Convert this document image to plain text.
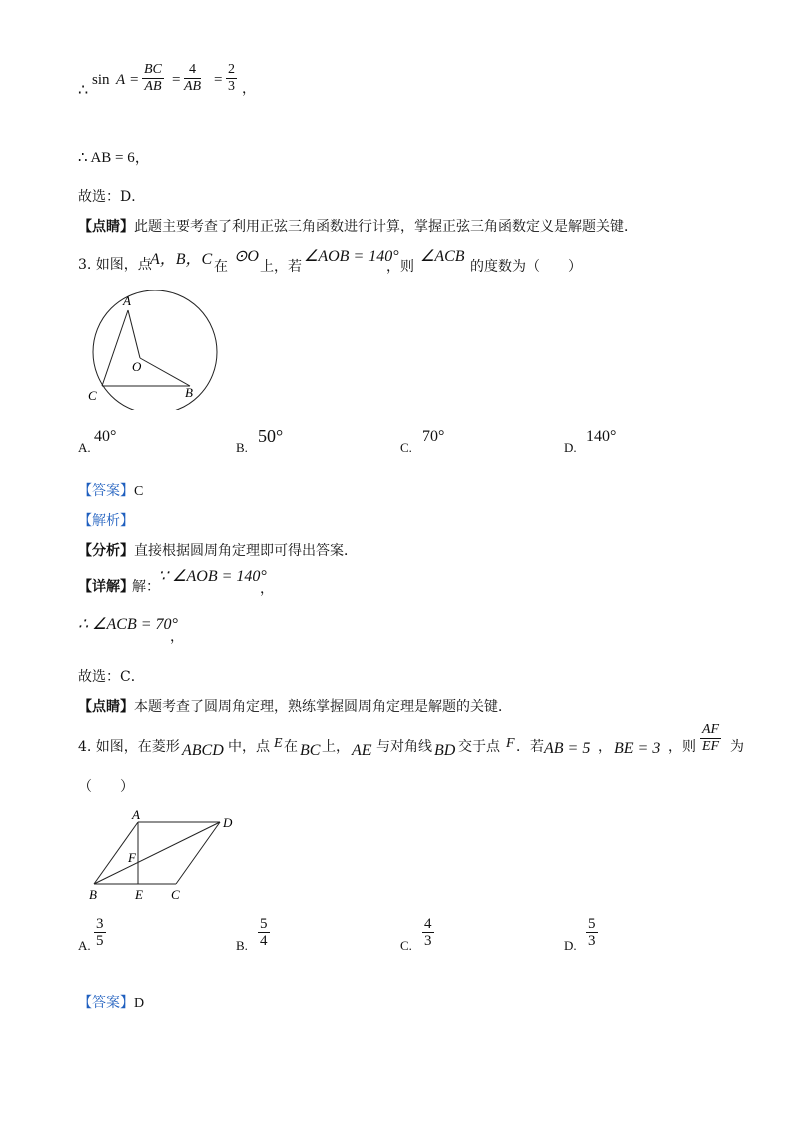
∴ $\sin A = \frac{BC}{AB} = \frac{4}{AB} = \frac{2}{3}$ ，
∴ AB = 6，
故选：D．
【点睛】此题主要考查了利用正弦三角函数进行计算，掌握正弦三角函数定义是解题关键．
3. 如图，点
A，B，C 在
⊙O
上，若
∠AOB = 140°
，则
∠ACB
的度数为（　　）
A
O
C	B
A.
40°
B.
50°
C.
70°
D.
140°
【答案】C
【解析】
【分析】直接根据圆周角定理即可得出答案．
【详解】
解：
∵ ∠AOB = 140°
，
∴ ∠ACB = 70°
，
故选：C．
【点睛】本题考查了圆周角定理，熟练掌握圆周角定理是解题的关键．
4. 如图，在菱形 ABCD 中，点 E 在 BC 上， AE 与对角线 BD 交于点 F ．若 AB = 5 ， BE = 3 ，则 $\frac{AF}{EF}$ 为
（　　）
A
D
F
B	E C
A. $\frac{3}{5}$	B. $\frac{5}{4}$	C. $\frac{4}{3}$	D. $\frac{5}{3}$
【答案】D
